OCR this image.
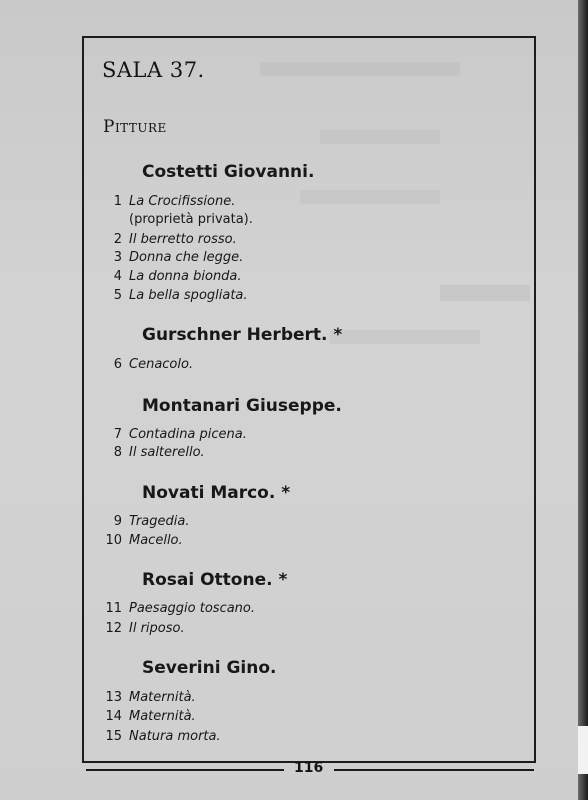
SALA 37.
Pitture
Costetti Giovanni.
1 La Crocifissione.
(proprietà privata).
2 Il berretto rosso.
3 Donna che legge.
4 La donna bionda.
5 La bella spogliata.
Gurschner Herbert. *
6 Cenacolo.
Montanari Giuseppe.
7 Contadina picena.
8 Il salterello.
Novati Marco. *
9 Tragedia.
10 Macello.
Rosai Ottone. *
11 Paesaggio toscano.
12 Il riposo.
Severini Gino.
13 Maternità.
14 Maternità.
15 Natura morta.
116
